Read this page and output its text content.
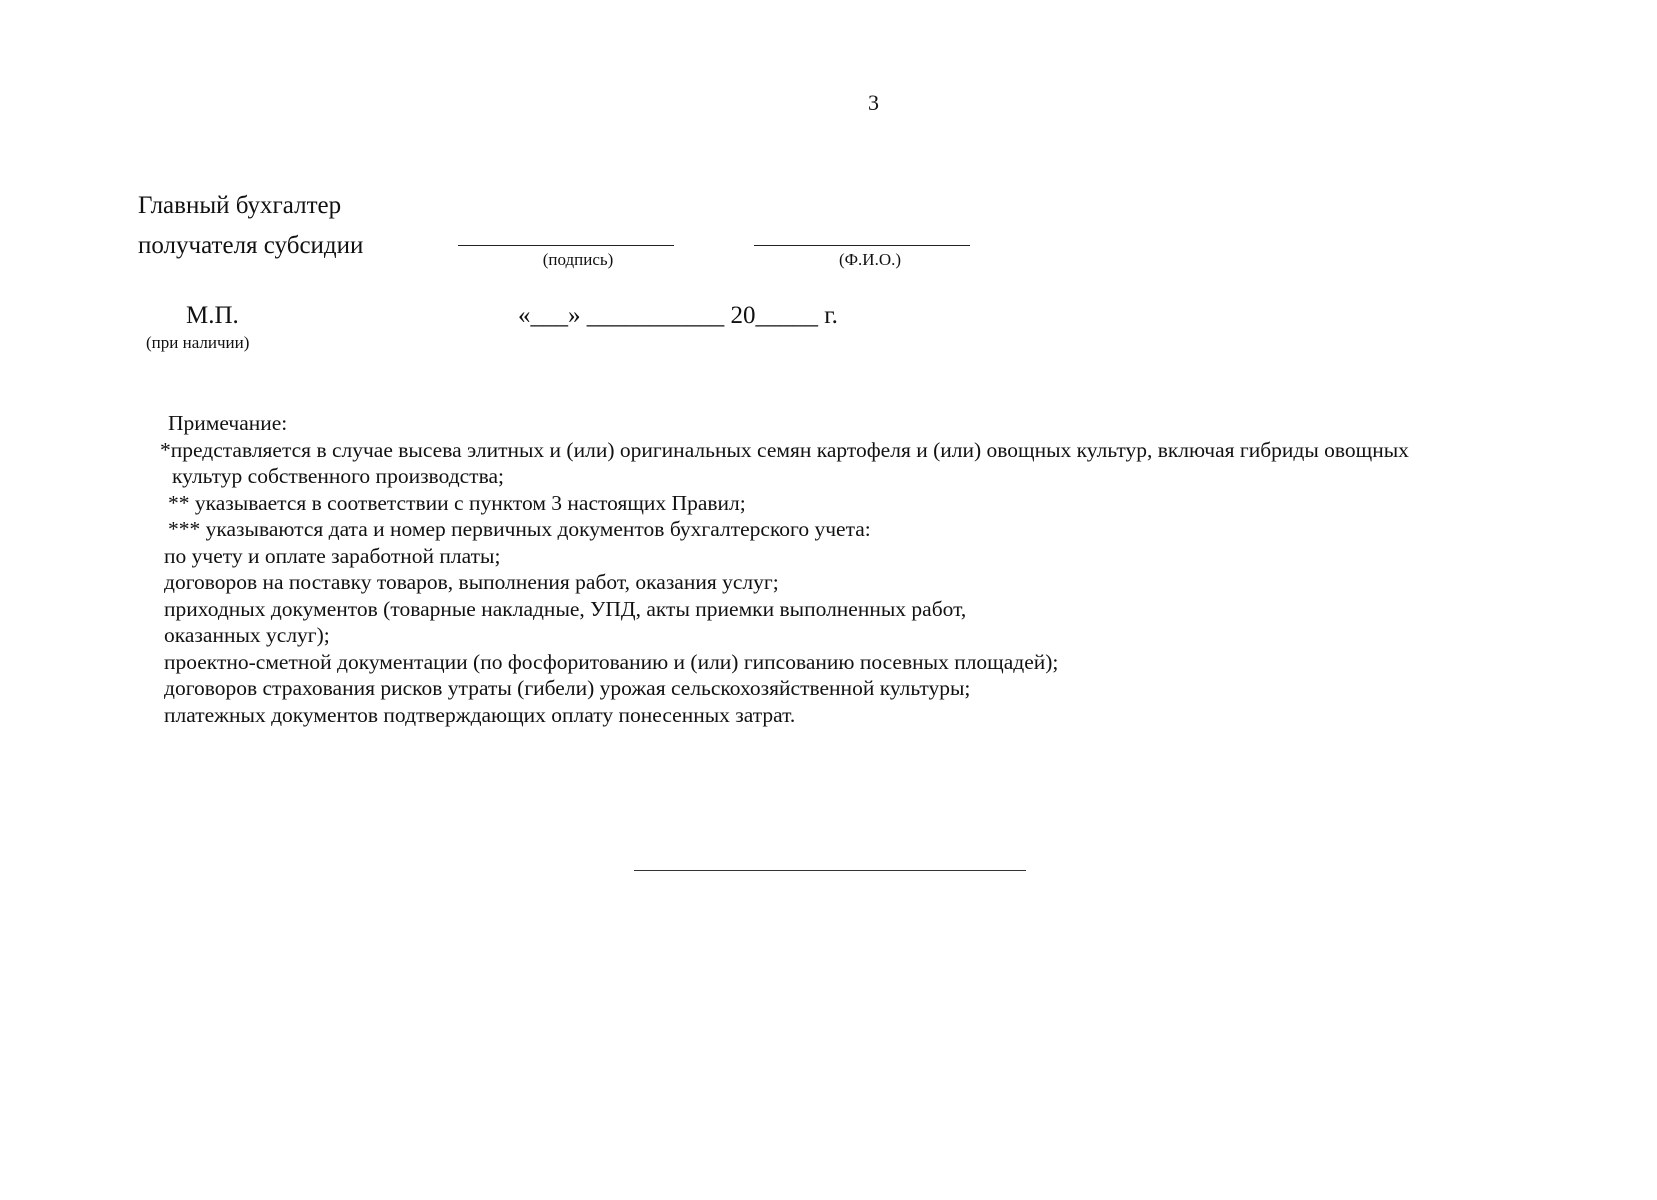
3
Главный бухгалтер
получателя субсидии
(подпись)	(Ф.И.О.)
М.П.
(при наличии)
«___» ___________ 20_____ г.
Примечание:
*представляется в случае высева элитных и (или) оригинальных семян картофеля и (или) овощных культур, включая гибриды овощных
культур собственного производства;
** указывается в соответствии с пунктом 3 настоящих Правил;
*** указываются дата и номер первичных документов бухгалтерского учета:
по учету и оплате заработной платы;
договоров на поставку товаров, выполнения работ, оказания услуг;
приходных документов (товарные накладные, УПД, акты приемки выполненных работ,
оказанных услуг);
проектно-сметной документации (по фосфоритованию и (или) гипсованию посевных площадей);
договоров страхования рисков утраты (гибели) урожая сельскохозяйственной культуры;
платежных документов подтверждающих оплату понесенных затрат.
